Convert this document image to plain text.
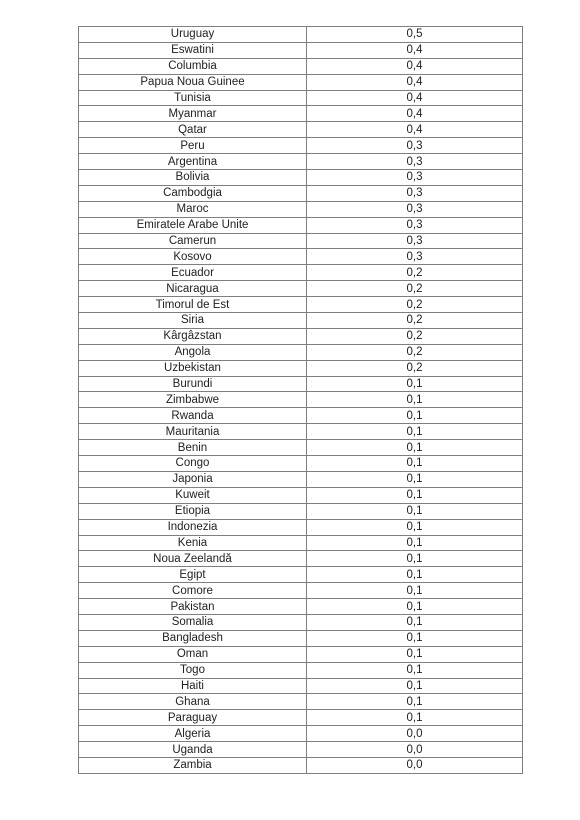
Uruguay	0,5
Eswatini	0,4
Columbia	0,4
Papua Noua Guinee	0,4
Tunisia	0,4
Myanmar	0,4
Qatar	0,4
Peru	0,3
Argentina	0,3
Bolivia	0,3
Cambodgia	0,3
Maroc	0,3
Emiratele Arabe Unite	0,3
Camerun	0,3
Kosovo	0,3
Ecuador	0,2
Nicaragua	0,2
Timorul de Est	0,2
Siria	0,2
Kârgâzstan	0,2
Angola	0,2
Uzbekistan	0,2
Burundi	0,1
Zimbabwe	0,1
Rwanda	0,1
Mauritania	0,1
Benin	0,1
Congo	0,1
Japonia	0,1
Kuweit	0,1
Etiopia	0,1
Indonezia	0,1
Kenia	0,1
Noua Zeelandă	0,1
Egipt	0,1
Comore	0,1
Pakistan	0,1
Somalia	0,1
Bangladesh	0,1
Oman	0,1
Togo	0,1
Haiti	0,1
Ghana	0,1
Paraguay	0,1
Algeria	0,0
Uganda	0,0
Zambia	0,0
